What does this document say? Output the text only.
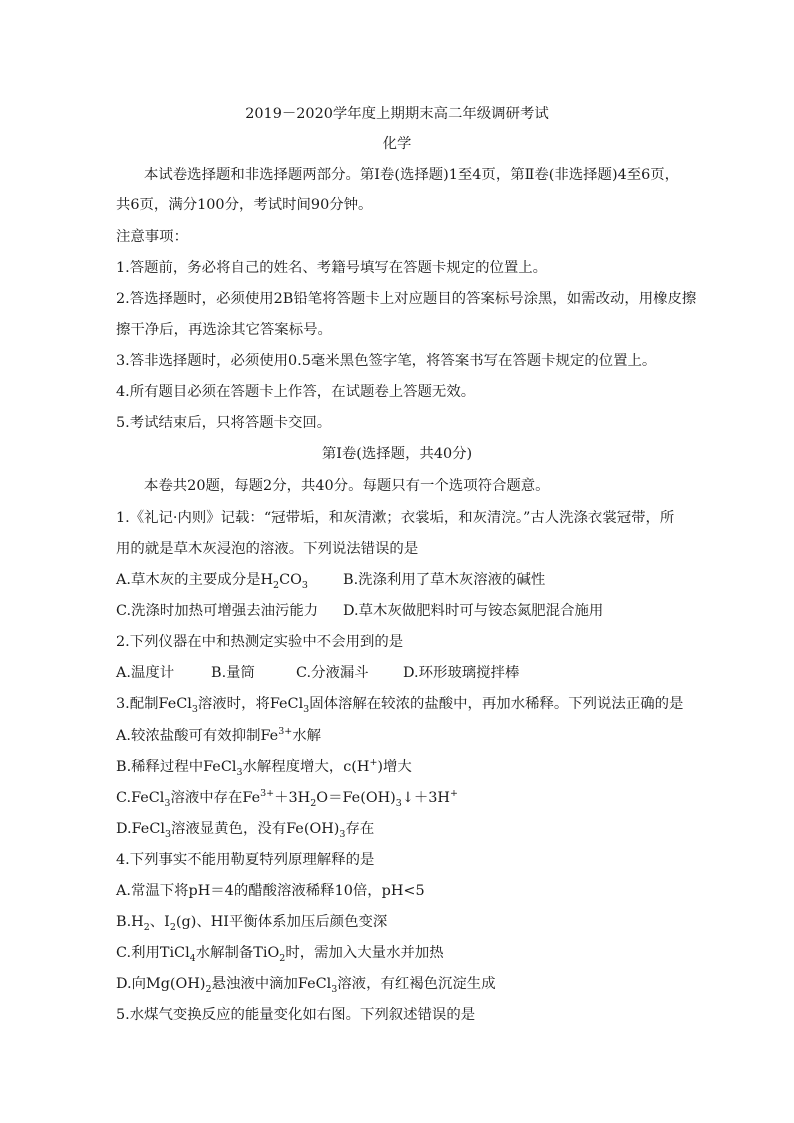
2019－2020学年度上期期末高二年级调研考试
化学
本试卷选择题和非选择题两部分。第Ⅰ卷(选择题)1至4页，第Ⅱ卷(非选择题)4至6页，
共6页，满分100分，考试时间90分钟。
注意事项：
1.答题前，务必将自己的姓名、考籍号填写在答题卡规定的位置上。
2.答选择题时，必须使用2B铅笔将答题卡上对应题目的答案标号涂黑，如需改动，用橡皮擦
擦干净后，再选涂其它答案标号。
3.答非选择题时，必须使用0.5毫米黑色签字笔，将答案书写在答题卡规定的位置上。
4.所有题目必须在答题卡上作答，在试题卷上答题无效。
5.考试结束后，只将答题卡交回。
第Ⅰ卷(选择题，共40分)
本卷共20题，每题2分，共40分。每题只有一个选项符合题意。
1.《礼记·内则》记载：“冠带垢，和灰清漱；衣裳垢，和灰清浣。”古人洗涤衣裳冠带，所
用的就是草木灰浸泡的溶液。下列说法错误的是
A.草木灰的主要成分是$H_2CO_3$ B.洗涤利用了草木灰溶液的碱性
C.洗涤时加热可增强去油污能力 D.草木灰做肥料时可与铵态氮肥混合施用
2.下列仪器在中和热测定实验中不会用到的是
A.温度计	B.量筒	C.分液漏斗 D.环形玻璃搅拌棒
3.配制FeCl$_3$溶液时，将FeCl$_3$固体溶解在较浓的盐酸中，再加水稀释。下列说法正确的是
A.较浓盐酸可有效抑制$Fe^{3+}$水解
B.稀释过程中FeCl$_3$水解程度增大，c(H+)增大
C.FeCl$_3$溶液中存在$Fe^{3+}+3H_2O=Fe(OH)_3↓+3H^+$
D.FeCl$_3$溶液显黄色，没有$Fe(OH)_3$存在
4.下列事实不能用勒夏特列原理解释的是
A.常温下将pH＝4的醋酸溶液稀释10倍，pH<5
$B.H_2$、$I_2(g)$、HI平衡体系加压后颜色变深
C.利用TiCl$_4$水解制备TiO$_2$时，需加入大量水并加热
D.向$Mg(OH)_2$悬浊液中滴加FeCl$_3$溶液，有红褐色沉淀生成
5.水煤气变换反应的能量变化如右图。下列叙述错误的是
